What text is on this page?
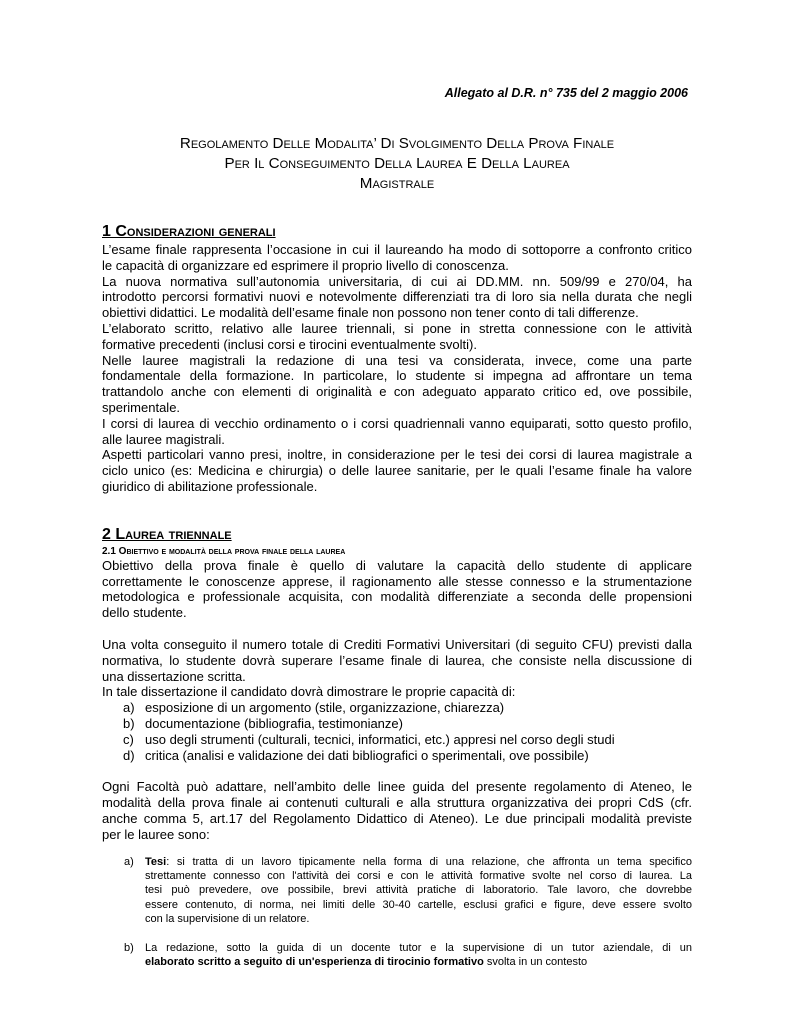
Allegato al D.R. n° 735 del 2 maggio 2006
Regolamento Delle Modalita’ Di Svolgimento Della Prova Finale
Per Il Conseguimento Della Laurea E Della Laurea
Magistrale
1 Considerazioni generali

L’esame finale rappresenta l’occasione in cui il laureando ha modo di sottoporre a confronto critico
le capacità di organizzare ed esprimere il proprio livello di conoscenza.

La nuova normativa sull’autonomia universitaria, di cui ai DD.MM. nn. 509/99 e 270/04, ha
introdotto percorsi formativi nuovi e notevolmente differenziati tra di loro sia nella durata che negli
obiettivi didattici. Le modalità dell’esame finale non possono non tener conto di tali differenze.

L’elaborato scritto, relativo alle lauree triennali, si pone in stretta connessione con le attività
formative precedenti (inclusi corsi e tirocini eventualmente svolti).

Nelle lauree magistrali la redazione di una tesi va considerata, invece, come una parte
fondamentale della formazione. In particolare, lo studente si impegna ad affrontare un tema
trattandolo anche con elementi di originalità e con adeguato apparato critico ed, ove possibile,
sperimentale.

I corsi di laurea di vecchio ordinamento o i corsi quadriennali vanno equiparati, sotto questo profilo,
alle lauree magistrali.

Aspetti particolari vanno presi, inoltre, in considerazione per le tesi dei corsi di laurea magistrale a
ciclo unico (es: Medicina e chirurgia) o delle lauree sanitarie, per le quali l’esame finale ha valore
giuridico di abilitazione professionale.

2 Laurea triennale
2.1 Obiettivo e modalità della prova finale della laurea

Obiettivo della prova finale è quello di valutare la capacità dello studente di applicare
correttamente le conoscenze apprese, il ragionamento alle stesse connesso e la strumentazione
metodologica e professionale acquisita, con modalità differenziate a seconda delle propensioni
dello studente.

Una volta conseguito il numero totale di Crediti Formativi Universitari (di seguito CFU) previsti dalla
normativa, lo studente dovrà superare l’esame finale di laurea, che consiste nella discussione di
una dissertazione scritta.

In tale dissertazione il candidato dovrà dimostrare le proprie capacità di:

a) esposizione di un argomento (stile, organizzazione, chiarezza)
b) documentazione (bibliografia, testimonianze)
c) uso degli strumenti (culturali, tecnici, informatici, etc.) appresi nel corso degli studi
d) critica (analisi e validazione dei dati bibliografici o sperimentali, ove possibile)

Ogni Facoltà può adattare, nell’ambito delle linee guida del presente regolamento di Ateneo, le
modalità della prova finale ai contenuti culturali e alla struttura organizzativa dei propri CdS (cfr.
anche comma 5, art.17 del Regolamento Didattico di Ateneo). Le due principali modalità previste
per le lauree sono:

a) Tesi: si tratta di un lavoro tipicamente nella forma di una relazione, che affronta un tema specifico
strettamente connesso con l'attività dei corsi e con le attività formative svolte nel corso di laurea. La
tesi può prevedere, ove possibile, brevi attività pratiche di laboratorio. Tale lavoro, che dovrebbe
essere contenuto, di norma, nei limiti delle 30-40 cartelle, esclusi grafici e figure, deve essere svolto
con la supervisione di un relatore.
b) La redazione, sotto la guida di un docente tutor e la supervisione di un tutor aziendale, di un
elaborato scritto a seguito di un'esperienza di tirocinio formativo svolta in un contesto
